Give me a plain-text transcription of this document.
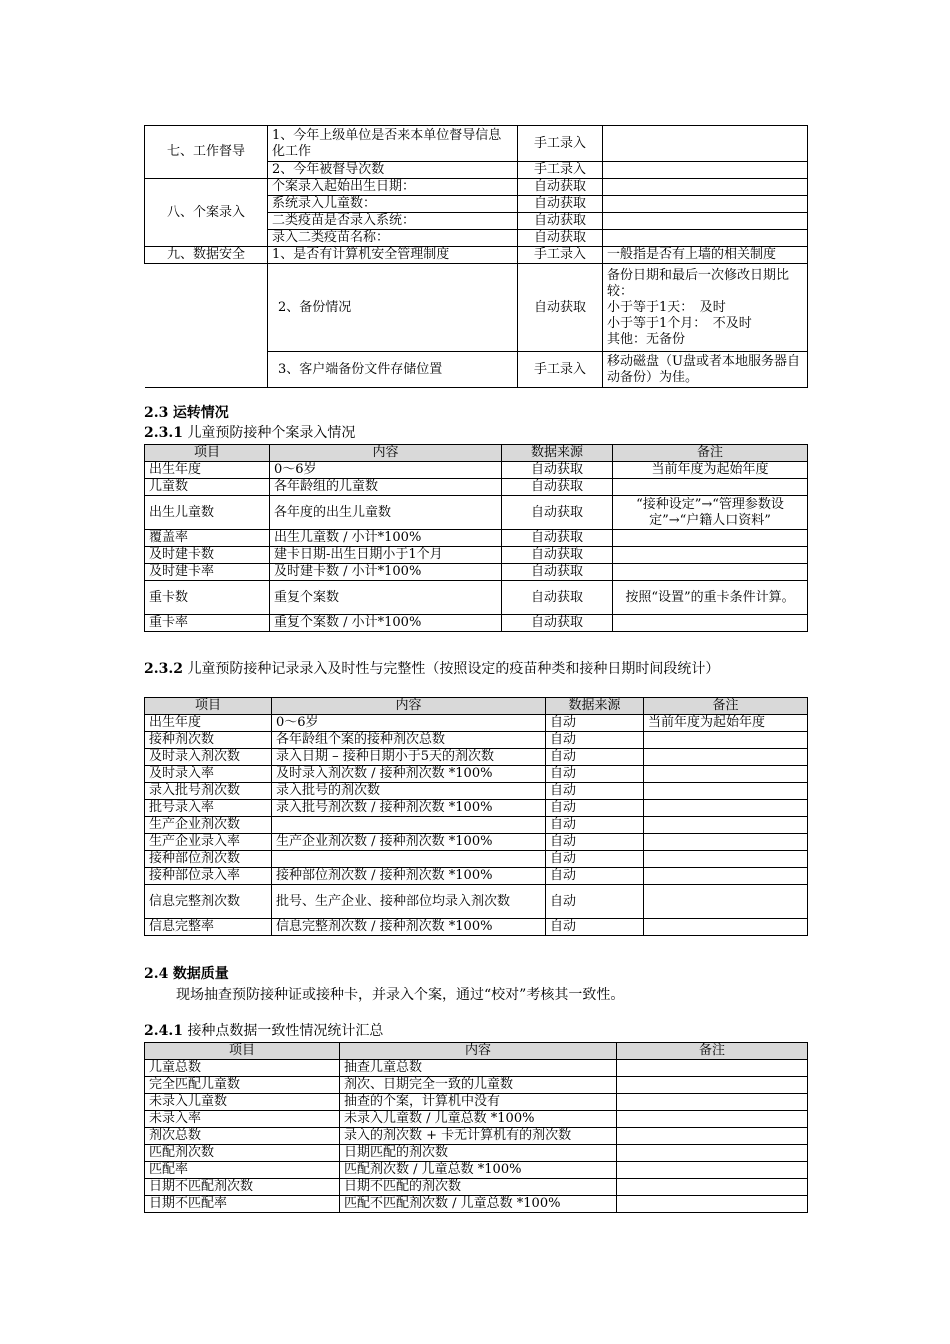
七、工作督导	1、今年上级单位是否来本单位督导信息化工作	手工录入	
	2、今年被督导次数	手工录入	
八、个案录入	个案录入起始出生日期：	自动获取	
	系统录入儿童数：	自动获取	
	二类疫苗是否录入系统：	自动获取	
	录入二类疫苗名称：	自动获取	
九、数据安全	1、是否有计算机安全管理制度	手工录入	一般指是否有上墙的相关制度
	2、备份情况	自动获取	备份日期和最后一次修改日期比较：
小于等于1天：　及时
小于等于1个月：　不及时
其他：无备份
	3、客户端备份文件存储位置	手工录入	移动磁盘（U盘或者本地服务器自动备份）为佳。
2.3 运转情况
2.3.1 儿童预防接种个案录入情况
项目	内容	数据来源	备注
出生年度	0～6岁	自动获取	当前年度为起始年度
儿童数	各年龄组的儿童数	自动获取	
出生儿童数	各年度的出生儿童数	自动获取	“接种设定”→“管理参数设定”→“户籍人口资料”
覆盖率	出生儿童数 / 小计*100%	自动获取	
及时建卡数	建卡日期-出生日期小于1个月	自动获取	
及时建卡率	及时建卡数 / 小计*100%	自动获取	
重卡数	重复个案数	自动获取	按照“设置”的重卡条件计算。
重卡率	重复个案数 / 小计*100%	自动获取	
2.3.2 儿童预防接种记录录入及时性与完整性（按照设定的疫苗种类和接种日期时间段统计）
项目	内容	数据来源	备注
出生年度	0～6岁	自动	当前年度为起始年度
接种剂次数	各年龄组个案的接种剂次总数	自动	
及时录入剂次数	录入日期 – 接种日期小于5天的剂次数	自动	
及时录入率	及时录入剂次数 / 接种剂次数 *100%	自动	
录入批号剂次数	录入批号的剂次数	自动	
批号录入率	录入批号剂次数 / 接种剂次数 *100%	自动	
生产企业剂次数		自动	
生产企业录入率	生产企业剂次数 / 接种剂次数 *100%	自动	
接种部位剂次数		自动	
接种部位录入率	接种部位剂次数 / 接种剂次数 *100%	自动	
信息完整剂次数	批号、生产企业、接种部位均录入剂次数	自动	
信息完整率	信息完整剂次数 / 接种剂次数 *100%	自动	
2.4 数据质量
现场抽查预防接种证或接种卡，并录入个案，通过“校对”考核其一致性。
2.4.1 接种点数据一致性情况统计汇总
项目	内容	备注
儿童总数	抽查儿童总数	
完全匹配儿童数	剂次、日期完全一致的儿童数	
未录入儿童数	抽查的个案，计算机中没有	
未录入率	未录入儿童数 / 儿童总数 *100%	
剂次总数	录入的剂次数 + 卡无计算机有的剂次数	
匹配剂次数	日期匹配的剂次数	
匹配率	匹配剂次数 / 儿童总数 *100%	
日期不匹配剂次数	日期不匹配的剂次数	
日期不匹配率	匹配不匹配剂次数 / 儿童总数 *100%	
